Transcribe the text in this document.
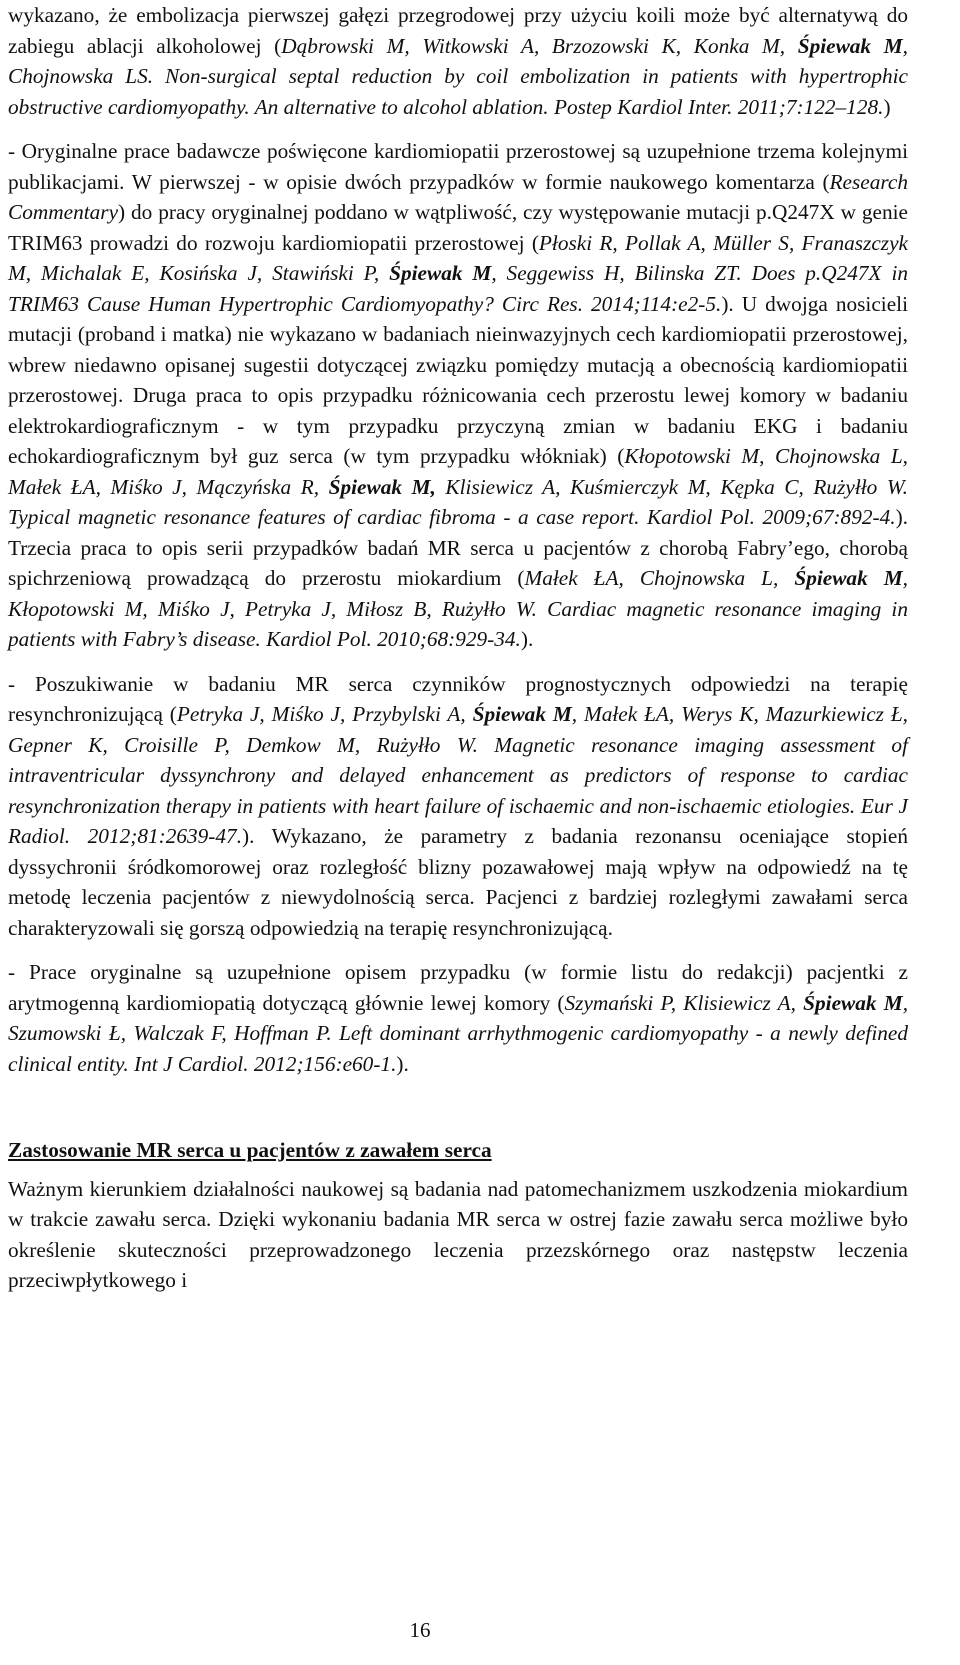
wykazano, że embolizacja pierwszej gałęzi przegrodowej przy użyciu koili może być alternatywą do zabiegu ablacji alkoholowej (Dąbrowski M, Witkowski A, Brzozowski K, Konka M, Śpiewak M, Chojnowska LS. Non-surgical septal reduction by coil embolization in patients with hypertrophic obstructive cardiomyopathy. An alternative to alcohol ablation. Postep Kardiol Inter. 2011;7:122–128.)

- Oryginalne prace badawcze poświęcone kardiomiopatii przerostowej są uzupełnione trzema kolejnymi publikacjami. W pierwszej - w opisie dwóch przypadków w formie naukowego komentarza (Research Commentary) do pracy oryginalnej poddano w wątpliwość, czy występowanie mutacji p.Q247X w genie TRIM63 prowadzi do rozwoju kardiomiopatii przerostowej (Płoski R, Pollak A, Müller S, Franaszczyk M, Michalak E, Kosińska J, Stawiński P, Śpiewak M, Seggewiss H, Bilinska ZT. Does p.Q247X in TRIM63 Cause Human Hypertrophic Cardiomyopathy? Circ Res. 2014;114:e2-5.). U dwojga nosicieli mutacji (proband i matka) nie wykazano w badaniach nieinwazyjnych cech kardiomiopatii przerostowej, wbrew niedawno opisanej sugestii dotyczącej związku pomiędzy mutacją a obecnością kardiomiopatii przerostowej. Druga praca to opis przypadku różnicowania cech przerostu lewej komory w badaniu elektrokardiograficznym - w tym przypadku przyczyną zmian w badaniu EKG i badaniu echokardiograficznym był guz serca (w tym przypadku włókniak) (Kłopotowski M, Chojnowska L, Małek ŁA, Miśko J, Mączyńska R, Śpiewak M, Klisiewicz A, Kuśmierczyk M, Kępka C, Rużyłło W. Typical magnetic resonance features of cardiac fibroma - a case report. Kardiol Pol. 2009;67:892-4.). Trzecia praca to opis serii przypadków badań MR serca u pacjentów z chorobą Fabry’ego, chorobą spichrzeniową prowadzącą do przerostu miokardium (Małek ŁA, Chojnowska L, Śpiewak M, Kłopotowski M, Miśko J, Petryka J, Miłosz B, Rużyłło W. Cardiac magnetic resonance imaging in patients with Fabry’s disease. Kardiol Pol. 2010;68:929-34.).

- Poszukiwanie w badaniu MR serca czynników prognostycznych odpowiedzi na terapię resynchronizującą (Petryka J, Miśko J, Przybylski A, Śpiewak M, Małek ŁA, Werys K, Mazurkiewicz Ł, Gepner K, Croisille P, Demkow M, Rużyłło W. Magnetic resonance imaging assessment of intraventricular dyssynchrony and delayed enhancement as predictors of response to cardiac resynchronization therapy in patients with heart failure of ischaemic and non-ischaemic etiologies. Eur J Radiol. 2012;81:2639-47.). Wykazano, że parametry z badania rezonansu oceniające stopień dyssychronii śródkomorowej oraz rozległość blizny pozawałowej mają wpływ na odpowiedź na tę metodę leczenia pacjentów z niewydolnością serca. Pacjenci z bardziej rozległymi zawałami serca charakteryzowali się gorszą odpowiedzią na terapię resynchronizującą.

- Prace oryginalne są uzupełnione opisem przypadku (w formie listu do redakcji) pacjentki z arytmogenną kardiomiopatią dotyczącą głównie lewej komory (Szymański P, Klisiewicz A, Śpiewak M, Szumowski Ł, Walczak F, Hoffman P. Left dominant arrhythmogenic cardiomyopathy - a newly defined clinical entity. Int J Cardiol. 2012;156:e60-1.).

Zastosowanie MR serca u pacjentów z zawałem serca

Ważnym kierunkiem działalności naukowej są badania nad patomechanizmem uszkodzenia miokardium w trakcie zawału serca. Dzięki wykonaniu badania MR serca w ostrej fazie zawału serca możliwe było określenie skuteczności przeprowadzonego leczenia przezskórnego oraz następstw leczenia przeciwpłytkowego i

16
